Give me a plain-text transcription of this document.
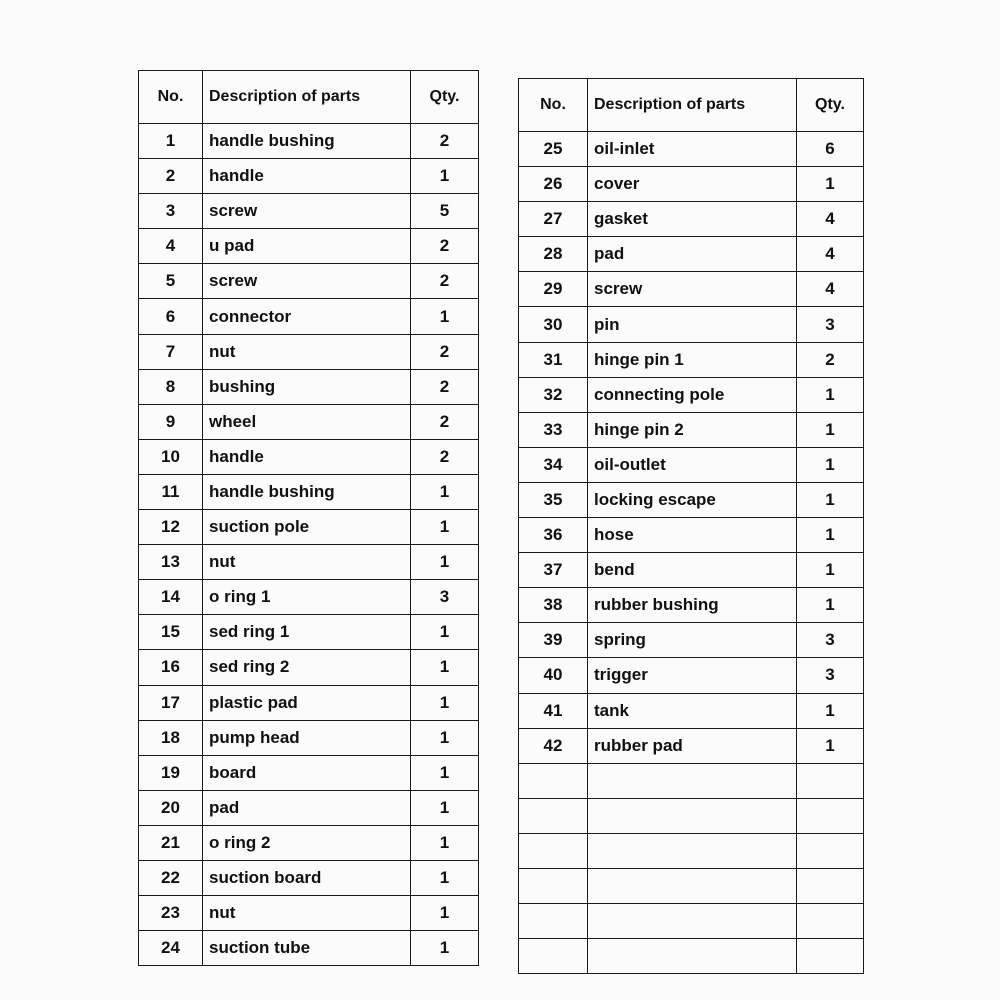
No.	Description of parts	Qty.
1	handle bushing	2
2	handle	1
3	screw	5
4	u pad	2
5	screw	2
6	connector	1
7	nut	2
8	bushing	2
9	wheel	2
10	handle	2
11	handle bushing	1
12	suction pole	1
13	nut	1
14	o ring 1	3
15	sed ring 1	1
16	sed ring 2	1
17	plastic pad	1
18	pump head	1
19	board	1
20	pad	1
21	o ring 2	1
22	suction board	1
23	nut	1
24	suction tube	1
No.	Description of parts	Qty.
25	oil-inlet	6
26	cover	1
27	gasket	4
28	pad	4
29	screw	4
30	pin	3
31	hinge pin 1	2
32	connecting pole	1
33	hinge pin 2	1
34	oil-outlet	1
35	locking escape	1
36	hose	1
37	bend	1
38	rubber bushing	1
39	spring	3
40	trigger	3
41	tank	1
42	rubber pad	1
